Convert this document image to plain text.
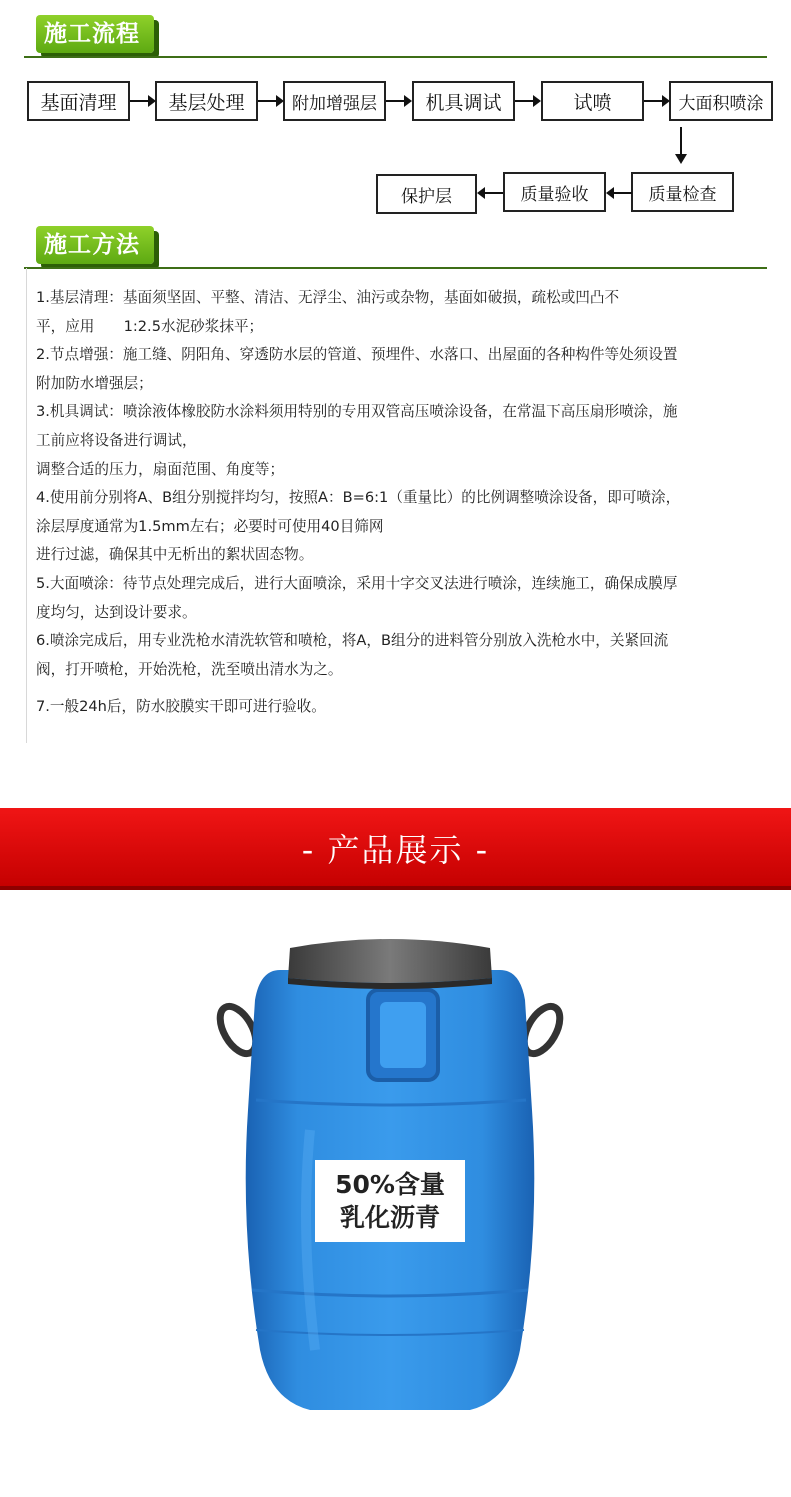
施工流程
基面清理	基层处理	附加增强层	机具调试	试喷	大面积喷涂
保护层	质量验收	质量检查
施工方法

1.基层清理：基面须坚固、平整、清洁、无浮尘、油污或杂物，基面如破损，疏松或凹凸不

平，应用　　1:2.5水泥砂浆抹平；

2.节点增强：施工缝、阴阳角、穿透防水层的管道、预埋件、水落口、出屋面的各种构件等处须设置

附加防水增强层；

3.机具调试：喷涂液体橡胶防水涂料须用特别的专用双管高压喷涂设备，在常温下高压扇形喷涂，施

工前应将设备进行调试，

调整合适的压力，扇面范围、角度等；

4.使用前分别将A、B组分别搅拌均匀，按照A：B=6:1（重量比）的比例调整喷涂设备，即可喷涂，

涂层厚度通常为1.5mm左右；必要时可使用40目筛网

进行过滤，确保其中无析出的絮状固态物。

5.大面喷涂：待节点处理完成后，进行大面喷涂，采用十字交叉法进行喷涂，连续施工，确保成膜厚

度均匀，达到设计要求。

6.喷涂完成后，用专业洗枪水清洗软管和喷枪，将A，B组分的进料管分别放入洗枪水中，关紧回流

阀，打开喷枪，开始洗枪，洗至喷出清水为之。

7.一般24h后，防水胶膜实干即可进行验收。

- 产品展示 -
50%含量
乳化沥青
